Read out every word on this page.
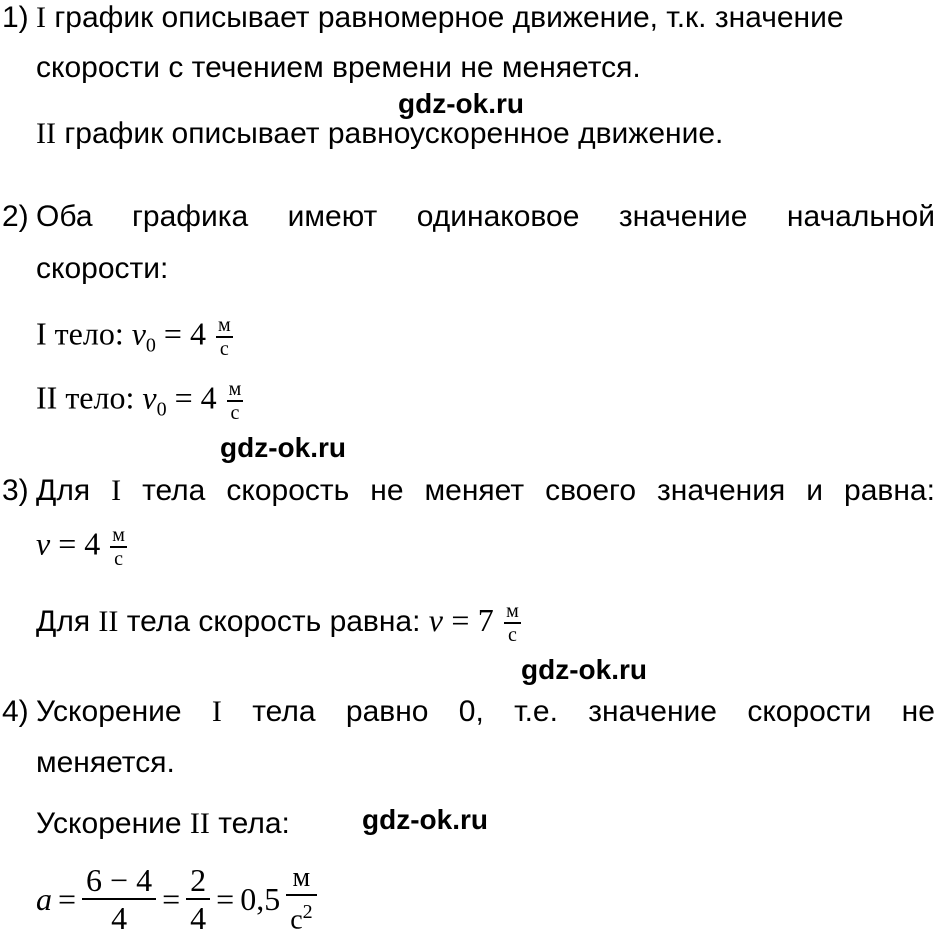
1) I график описывает равномерное движение, т.к. значение
скорости с течением времени не меняется.
gdz-ok.ru
II график описывает равноускоренное движение.
2) Оба графика имеют одинаковое значение начальной
скорости:
I тело: $v_0 = 4 \frac{м}{с}$
II тело: $v_0 = 4 \frac{м}{с}$
gdz-ok.ru
3) Для I тела скорость не меняет своего значения и равна:
$v = 4 \frac{м}{с}$
Для II тела скорость равна: $v = 7 \frac{м}{с}$
gdz-ok.ru
4) Ускорение I тела равно 0, т.е. значение скорости не
меняется.
Ускорение II тела:	gdz-ok.ru
a =
6 − 4
4
=
2
4
= 0,5
м
$с^2$
